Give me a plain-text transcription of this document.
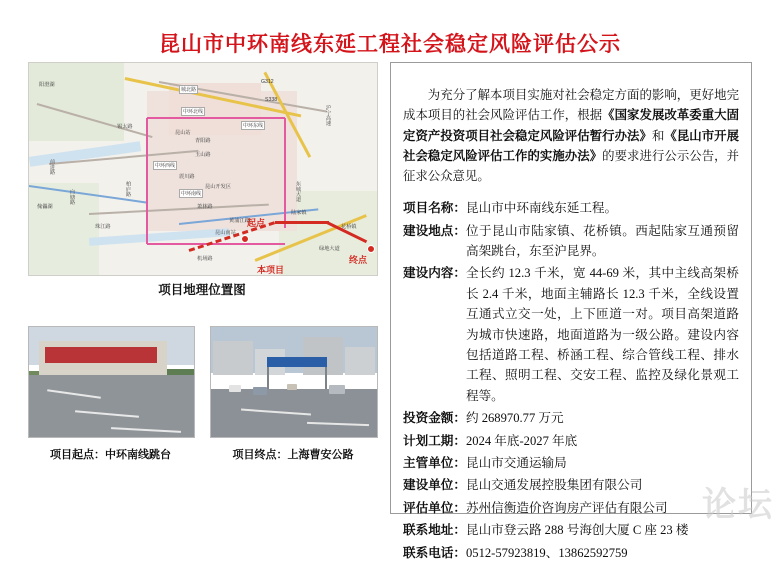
昆山市中环南线东延工程社会稳定风险评估公示
起点
本项目
终点
城北路
中环北线
中环东线
中环南线
中环西线
柏庐路
前进路
震川路
白塘路
机场路
东城大道
青阳路
玉山路
萧林路
黄浦江路
G312
S338
沪宁高速
锡太路
珠江路
绿地大道
昆山南站
昆山站
阳澄湖
傀儡湖
昆山开发区
陆家镇
花桥镇
项目地理位置图
项目起点：中环南线跳台	项目终点：上海曹安公路

为充分了解本项目实施对社会稳定方面的影响，更好地完成本项目的社会风险评估工作，根据《国家发展改革委重大固定资产投资项目社会稳定风险评估暂行办法》和《昆山市开展社会稳定风险评估工作的实施办法》的要求进行公示公告，并征求公众意见。

项目名称： 昆山市中环南线东延工程。
建设地点： 位于昆山市陆家镇、花桥镇。西起陆家互通预留高架跳台，东至沪昆界。
建设内容： 全长约 12.3 千米，宽 44-69 米，其中主线高架桥长 2.4 千米，地面主辅路长 12.3 千米，全线设置互通式立交一处，上下匝道一对。项目高架道路为城市快速路，地面道路为一级公路。建设内容包括道路工程、桥涵工程、综合管线工程、排水工程、照明工程、交安工程、监控及绿化景观工程等。
投资金额： 约 268970.77 万元
计划工期： 2024 年底-2027 年底
主管单位： 昆山市交通运输局
建设单位： 昆山交通发展控股集团有限公司
评估单位： 苏州信衡造价咨询房产评估有限公司
联系地址： 昆山市登云路 288 号海创大厦 C 座 23 楼
联系电话： 0512-57923819、13862592759
论坛
